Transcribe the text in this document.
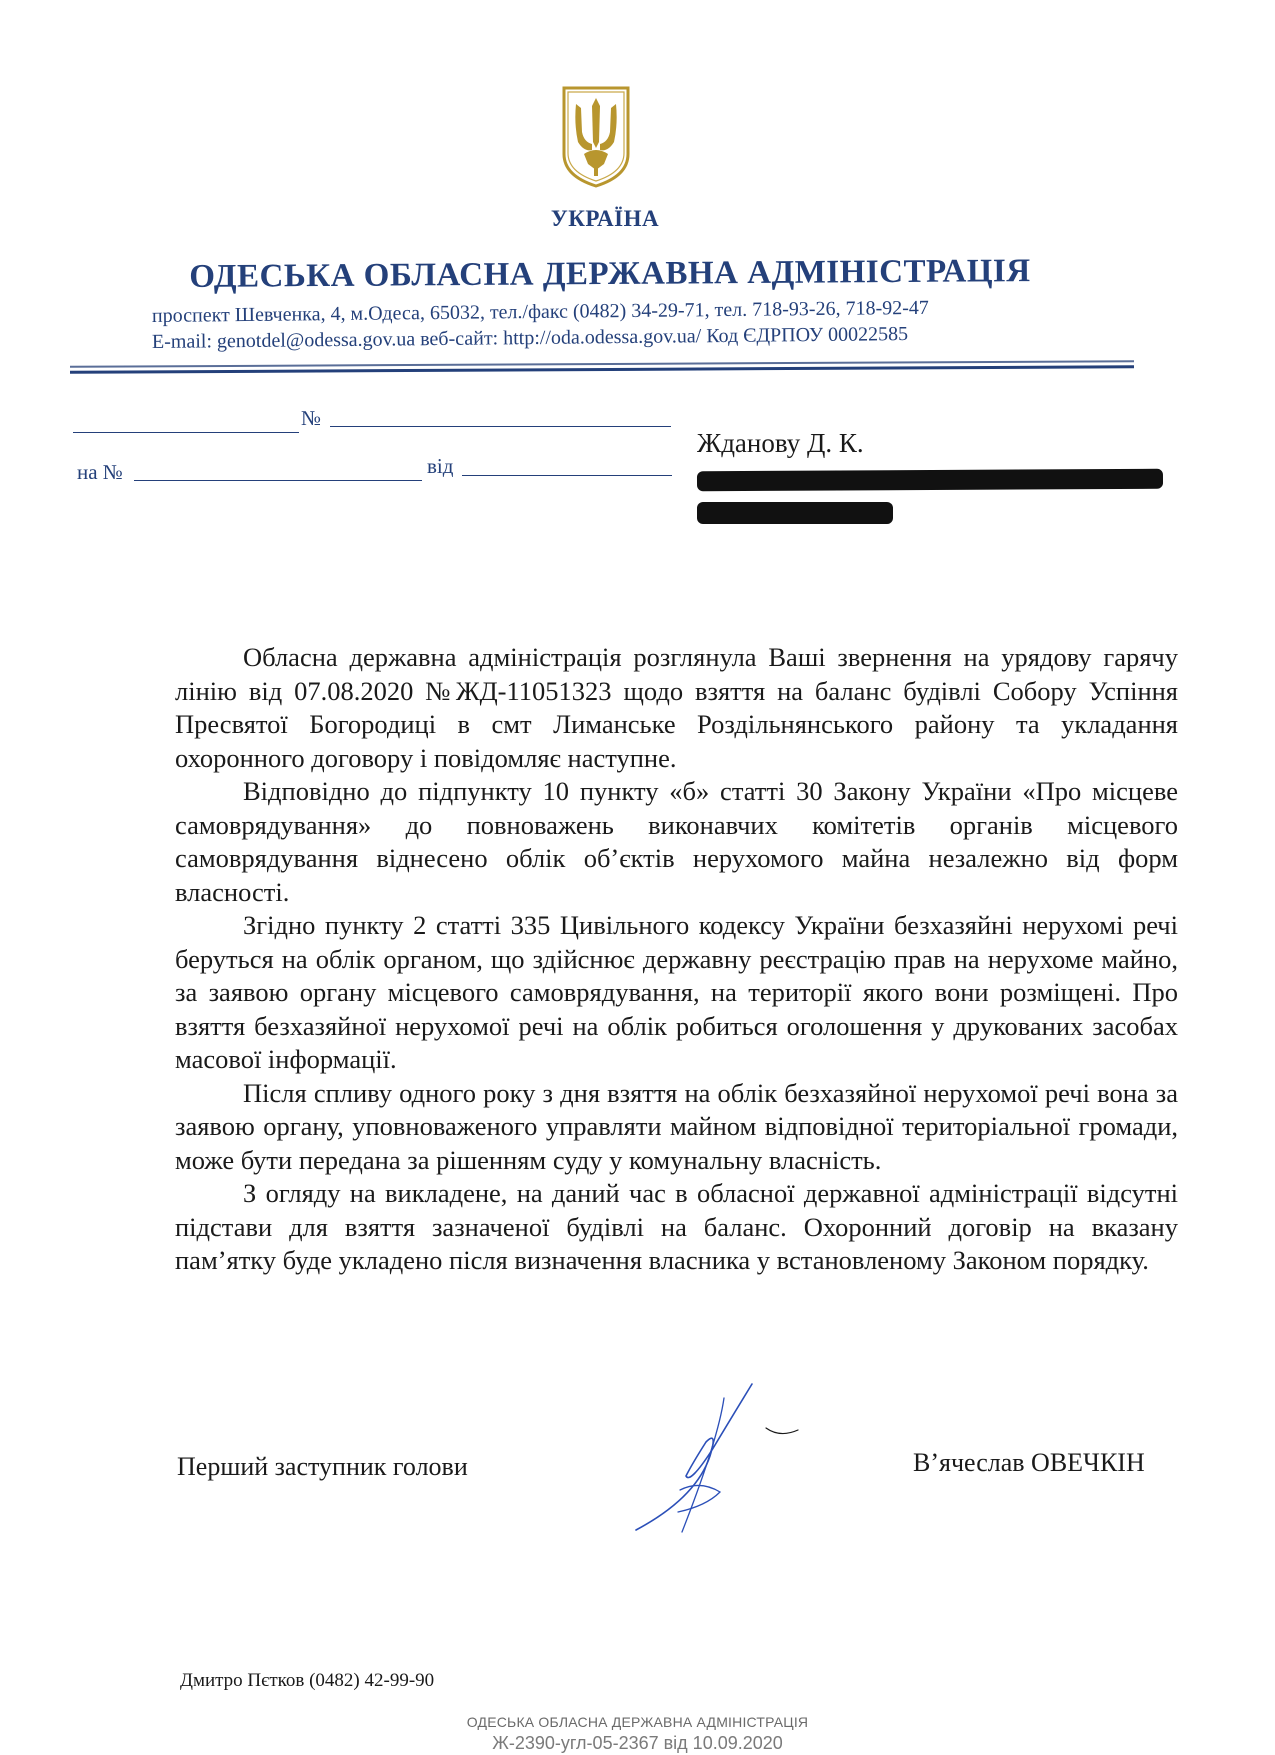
УКРАЇНА
ОДЕСЬКА ОБЛАСНА ДЕРЖАВНА АДМІНІСТРАЦІЯ
проспект Шевченка, 4, м.Одеса, 65032, тел./факс (0482) 34-29-71, тел. 718-93-26, 718-92-47
E-mail: genotdel@odessa.gov.ua веб-сайт: http://oda.odessa.gov.ua/ Код ЄДРПОУ 00022585
№
на №	від
Жданову Д. К.

Обласна державна адміністрація розглянула Ваші звернення на урядову гарячу лінію від 07.08.2020 №ЖД-11051323 щодо взяття на баланс будівлі Собору Успіння Пресвятої Богородиці в смт Лиманське Роздільнянського району та укладання охоронного договору і повідомляє наступне.

Відповідно до підпункту 10 пункту «б» статті 30 Закону України «Про місцеве самоврядування» до повноважень виконавчих комітетів органів місцевого самоврядування віднесено облік об’єктів нерухомого майна незалежно від форм власності.

Згідно пункту 2 статті 335 Цивільного кодексу України безхазяйні нерухомі речі беруться на облік органом, що здійснює державну реєстрацію прав на нерухоме майно, за заявою органу місцевого самоврядування, на території якого вони розміщені. Про взяття безхазяйної нерухомої речі на облік робиться оголошення у друкованих засобах масової інформації.

Після спливу одного року з дня взяття на облік безхазяйної нерухомої речі вона за заявою органу, уповноваженого управляти майном відповідної територіальної громади, може бути передана за рішенням суду у комунальну власність.

З огляду на викладене, на даний час в обласної державної адміністрації відсутні підстави для взяття зазначеної будівлі на баланс. Охоронний договір на вказану пам’ятку буде укладено після визначення власника у встановленому Законом порядку.

Перший заступник голови	В’ячеслав ОВЕЧКІН
Дмитро Пєтков (0482) 42-99-90
ОДЕСЬКА ОБЛАСНА ДЕРЖАВНА АДМІНІСТРАЦІЯ
Ж-2390-угл-05-2367 від 10.09.2020
